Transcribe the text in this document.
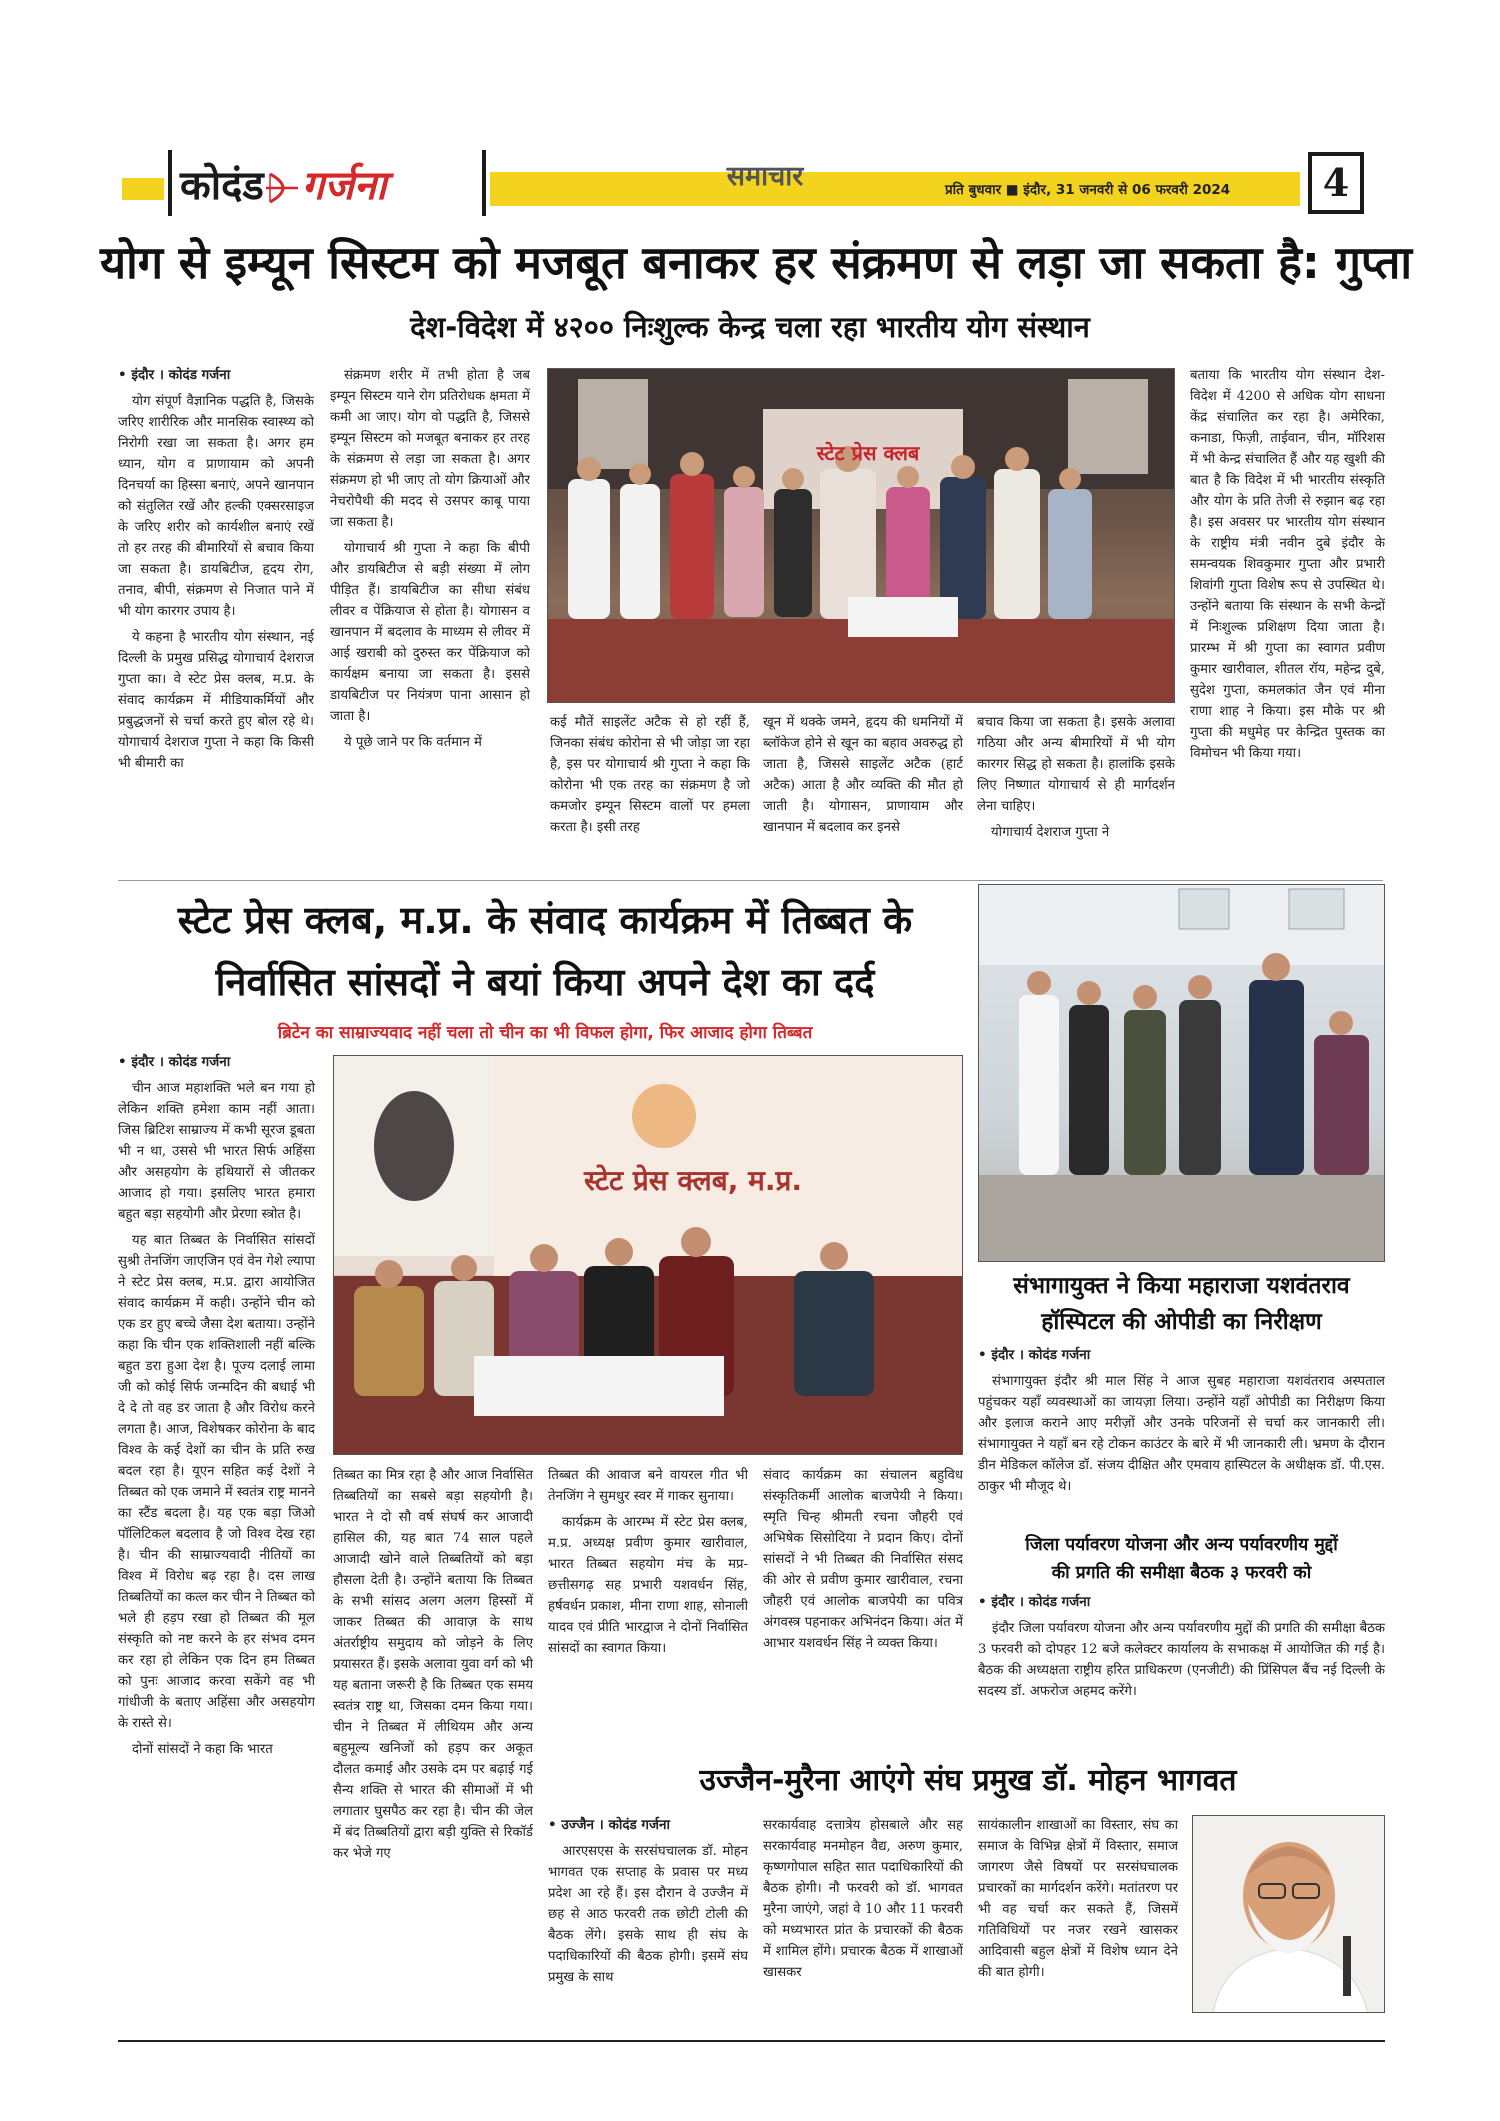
कोदंड गर्जना	समाचार	प्रति बुधवार ■ इंदौर, 31 जनवरी से 06 फरवरी 2024	4
योग से इम्यून सिस्टम को मजबूत बनाकर हर संक्रमण से लड़ा जा सकता है: गुप्ता
देश-विदेश में ४२०० निःशुल्क केन्द्र चला रहा भारतीय योग संस्थान

• इंदौर । कोदंड गर्जना

योग संपूर्ण वैज्ञानिक पद्धति है, जिसके जरिए शारीरिक और मानसिक स्वास्थ्य को निरोगी रखा जा सकता है। अगर हम ध्यान, योग व प्राणायाम को अपनी दिनचर्या का हिस्सा बनाएं, अपने खानपान को संतुलित रखें और हल्की एक्सरसाइज के जरिए शरीर को कार्यशील बनाएं रखें तो हर तरह की बीमारियों से बचाव किया जा सकता है। डायबिटीज, हृदय रोग, तनाव, बीपी, संक्रमण से निजात पाने में भी योग कारगर उपाय है।

ये कहना है भारतीय योग संस्थान, नई दिल्ली के प्रमुख प्रसिद्ध योगाचार्य देशराज गुप्ता का। वे स्टेट प्रेस क्लब, म.प्र. के संवाद कार्यक्रम में मीडियाकर्मियों और प्रबुद्धजनों से चर्चा करते हुए बोल रहे थे। योगाचार्य देशराज गुप्ता ने कहा कि किसी भी बीमारी का

संक्रमण शरीर में तभी होता है जब इम्यून सिस्टम याने रोग प्रतिरोधक क्षमता में कमी आ जाए। योग वो पद्धति है, जिससे इम्यून सिस्टम को मजबूत बनाकर हर तरह के संक्रमण से लड़ा जा सकता है। अगर संक्रमण हो भी जाए तो योग क्रियाओं और नेचरोपैथी की मदद से उसपर काबू पाया जा सकता है।

योगाचार्य श्री गुप्ता ने कहा कि बीपी और डायबिटीज से बड़ी संख्या में लोग पीड़ित हैं। डायबिटीज का सीधा संबंध लीवर व पेंक्रियाज से होता है। योगासन व खानपान में बदलाव के माध्यम से लीवर में आई खराबी को दुरुस्त कर पेंक्रियाज को कार्यक्षम बनाया जा सकता है। इससे डायबिटीज पर नियंत्रण पाना आसान हो जाता है।

ये पूछे जाने पर कि वर्तमान में

स्टेट प्रेस क्लब

कई मौतें साइलेंट अटैक से हो रहीं हैं, जिनका संबंध कोरोना से भी जोड़ा जा रहा है, इस पर योगाचार्य श्री गुप्ता ने कहा कि कोरोना भी एक तरह का संक्रमण है जो कमजोर इम्यून सिस्टम वालों पर हमला करता है। इसी तरह

खून में थक्के जमने, हृदय की धमनियों में ब्लॉकेज होने से खून का बहाव अवरुद्ध हो जाता है, जिससे साइलेंट अटैक (हार्ट अटैक) आता है और व्यक्ति की मौत हो जाती है। योगासन, प्राणायाम और खानपान में बदलाव कर इनसे

बचाव किया जा सकता है। इसके अलावा गठिया और अन्य बीमारियों में भी योग कारगर सिद्ध हो सकता है। हालांकि इसके लिए निष्णात योगाचार्य से ही मार्गदर्शन लेना चाहिए।

योगाचार्य देशराज गुप्ता ने

बताया कि भारतीय योग संस्थान देश-विदेश में 4200 से अधिक योग साधना केंद्र संचालित कर रहा है। अमेरिका, कनाडा, फिज़ी, ताईवान, चीन, मॉरिशस में भी केन्द्र संचालित हैं और यह खुशी की बात है कि विदेश में भी भारतीय संस्कृति और योग के प्रति तेजी से रुझान बढ़ रहा है। इस अवसर पर भारतीय योग संस्थान के राष्ट्रीय मंत्री नवीन दुबे इंदौर के समन्वयक शिवकुमार गुप्ता और प्रभारी शिवांगी गुप्ता विशेष रूप से उपस्थित थे। उन्होंने बताया कि संस्थान के सभी केन्द्रों में निःशुल्क प्रशिक्षण दिया जाता है। प्रारम्भ में श्री गुप्ता का स्वागत प्रवीण कुमार खारीवाल, शीतल रॉय, महेन्द्र दुबे, सुदेश गुप्ता, कमलकांत जैन एवं मीना राणा शाह ने किया। इस मौके पर श्री गुप्ता की मधुमेह पर केन्द्रित पुस्तक का विमोचन भी किया गया।

स्टेट प्रेस क्लब, म.प्र. के संवाद कार्यक्रम में तिब्बत के
निर्वासित सांसदों ने बयां किया अपने देश का दर्द
ब्रिटेन का साम्राज्यवाद नहीं चला तो चीन का भी विफल होगा, फिर आजाद होगा तिब्बत

• इंदौर । कोदंड गर्जना

चीन आज महाशक्ति भले बन गया हो लेकिन शक्ति हमेशा काम नहीं आता। जिस ब्रिटिश साम्राज्य में कभी सूरज डूबता भी न था, उससे भी भारत सिर्फ अहिंसा और असहयोग के हथियारों से जीतकर आजाद हो गया। इसलिए भारत हमारा बहुत बड़ा सहयोगी और प्रेरणा स्त्रोत है।

यह बात तिब्बत के निर्वासित सांसदों सुश्री तेनजिंग जाएजिन एवं वेन गेशे ल्यापा ने स्टेट प्रेस क्लब, म.प्र. द्वारा आयोजित संवाद कार्यक्रम में कही। उन्होंने चीन को एक डर हुए बच्चे जैसा देश बताया। उन्होंने कहा कि चीन एक शक्तिशाली नहीं बल्कि बहुत डरा हुआ देश है। पूज्य दलाई लामा जी को कोई सिर्फ जन्मदिन की बधाई भी दे दे तो वह डर जाता है और विरोध करने लगता है। आज, विशेषकर कोरोना के बाद विश्व के कई देशों का चीन के प्रति रुख बदल रहा है। यूएन सहित कई देशों ने तिब्बत को एक जमाने में स्वतंत्र राष्ट्र मानने का स्टैंड बदला है। यह एक बड़ा जिओ पॉलिटिकल बदलाव है जो विश्व देख रहा है। चीन की साम्राज्यवादी नीतियों का विश्व में विरोध बढ़ रहा है। दस लाख तिब्बतियों का कत्ल कर चीन ने तिब्बत को भले ही हड़प रखा हो तिब्बत की मूल संस्कृति को नष्ट करने के हर संभव दमन कर रहा हो लेकिन एक दिन हम तिब्बत को पुनः आजाद करवा सकेंगे वह भी गांधीजी के बताए अहिंसा और असहयोग के रास्ते से।

दोनों सांसदों ने कहा कि भारत

स्टेट प्रेस क्लब, म.प्र.

तिब्बत का मित्र रहा है और आज निर्वासित तिब्बतियों का सबसे बड़ा सहयोगी है। भारत ने दो सौ वर्ष संघर्ष कर आजादी हासिल की, यह बात 74 साल पहले आजादी खोने वाले तिब्बतियों को बड़ा हौसला देती है। उन्होंने बताया कि तिब्बत के सभी सांसद अलग अलग हिस्सों में जाकर तिब्बत की आवाज़ के साथ अंतर्राष्ट्रीय समुदाय को जोड़ने के लिए प्रयासरत हैं। इसके अलावा युवा वर्ग को भी यह बताना जरूरी है कि तिब्बत एक समय स्वतंत्र राष्ट्र था, जिसका दमन किया गया। चीन ने तिब्बत में लीथियम और अन्य बहुमूल्य खनिजों को हड़प कर अकूत दौलत कमाई और उसके दम पर बढ़ाई गई सैन्य शक्ति से भारत की सीमाओं में भी लगातार घुसपैठ कर रहा है। चीन की जेल में बंद तिब्बतियों द्वारा बड़ी युक्ति से रिकॉर्ड कर भेजे गए

तिब्बत की आवाज बने वायरल गीत भी तेनजिंग ने सुमधुर स्वर में गाकर सुनाया।

कार्यक्रम के आरम्भ में स्टेट प्रेस क्लब, म.प्र. अध्यक्ष प्रवीण कुमार खारीवाल, भारत तिब्बत सहयोग मंच के मप्र-छत्तीसगढ़ सह प्रभारी यशवर्धन सिंह, हर्षवर्धन प्रकाश, मीना राणा शाह, सोनाली यादव एवं प्रीति भारद्वाज ने दोनों निर्वासित सांसदों का स्वागत किया।

संवाद कार्यक्रम का संचालन बहुविध संस्कृतिकर्मी आलोक बाजपेयी ने किया। स्मृति चिन्ह श्रीमती रचना जौहरी एवं अभिषेक सिसोदिया ने प्रदान किए। दोनों सांसदों ने भी तिब्बत की निर्वासित संसद की ओर से प्रवीण कुमार खारीवाल, रचना जौहरी एवं आलोक बाजपेयी का पवित्र अंगवस्त्र पहनाकर अभिनंदन किया। अंत में आभार यशवर्धन सिंह ने व्यक्त किया।

संभागायुक्त ने किया महाराजा यशवंतराव
हॉस्पिटल की ओपीडी का निरीक्षण

• इंदौर । कोदंड गर्जना

संभागायुक्त इंदौर श्री माल सिंह ने आज सुबह महाराजा यशवंतराव अस्पताल पहुंचकर यहाँ व्यवस्थाओं का जायज़ा लिया। उन्होंने यहाँ ओपीडी का निरीक्षण किया और इलाज कराने आए मरीज़ों और उनके परिजनों से चर्चा कर जानकारी ली। संभागायुक्त ने यहाँ बन रहे टोकन काउंटर के बारे में भी जानकारी ली। भ्रमण के दौरान डीन मेडिकल कॉलेज डॉ. संजय दीक्षित और एमवाय हास्पिटल के अधीक्षक डॉ. पी.एस. ठाकुर भी मौजूद थे।

जिला पर्यावरण योजना और अन्य पर्यावरणीय मुद्दों
की प्रगति की समीक्षा बैठक ३ फरवरी को

• इंदौर । कोदंड गर्जना

इंदौर जिला पर्यावरण योजना और अन्य पर्यावरणीय मुद्दों की प्रगति की समीक्षा बैठक 3 फरवरी को दोपहर 12 बजे कलेक्टर कार्यालय के सभाकक्ष में आयोजित की गई है। बैठक की अध्यक्षता राष्ट्रीय हरित प्राधिकरण (एनजीटी) की प्रिंसिपल बैंच नई दिल्ली के सदस्य डॉ. अफरोज अहमद करेंगे।

उज्जैन-मुरैना आएंगे संघ प्रमुख डॉ. मोहन भागवत

• उज्जैन । कोदंड गर्जना

आरएसएस के सरसंघचालक डॉ. मोहन भागवत एक सप्ताह के प्रवास पर मध्य प्रदेश आ रहे हैं। इस दौरान वे उज्जैन में छह से आठ फरवरी तक छोटी टोली की बैठक लेंगे। इसके साथ ही संघ के पदाधिकारियों की बैठक होगी। इसमें संघ प्रमुख के साथ

सरकार्यवाह दत्तात्रेय होसबाले और सह सरकार्यवाह मनमोहन वैद्य, अरुण कुमार, कृष्णगोपाल सहित सात पदाधिकारियों की बैठक होगी। नौ फरवरी को डॉ. भागवत मुरैना जाएंगे, जहां वे 10 और 11 फरवरी को मध्यभारत प्रांत के प्रचारकों की बैठक में शामिल होंगे। प्रचारक बैठक में शाखाओं खासकर

सायंकालीन शाखाओं का विस्तार, संघ का समाज के विभिन्न क्षेत्रों में विस्तार, समाज जागरण जैसे विषयों पर सरसंघचालक प्रचारकों का मार्गदर्शन करेंगे। मतांतरण पर भी वह चर्चा कर सकते हैं, जिसमें गतिविधियों पर नजर रखने खासकर आदिवासी बहुल क्षेत्रों में विशेष ध्यान देने की बात होगी।
